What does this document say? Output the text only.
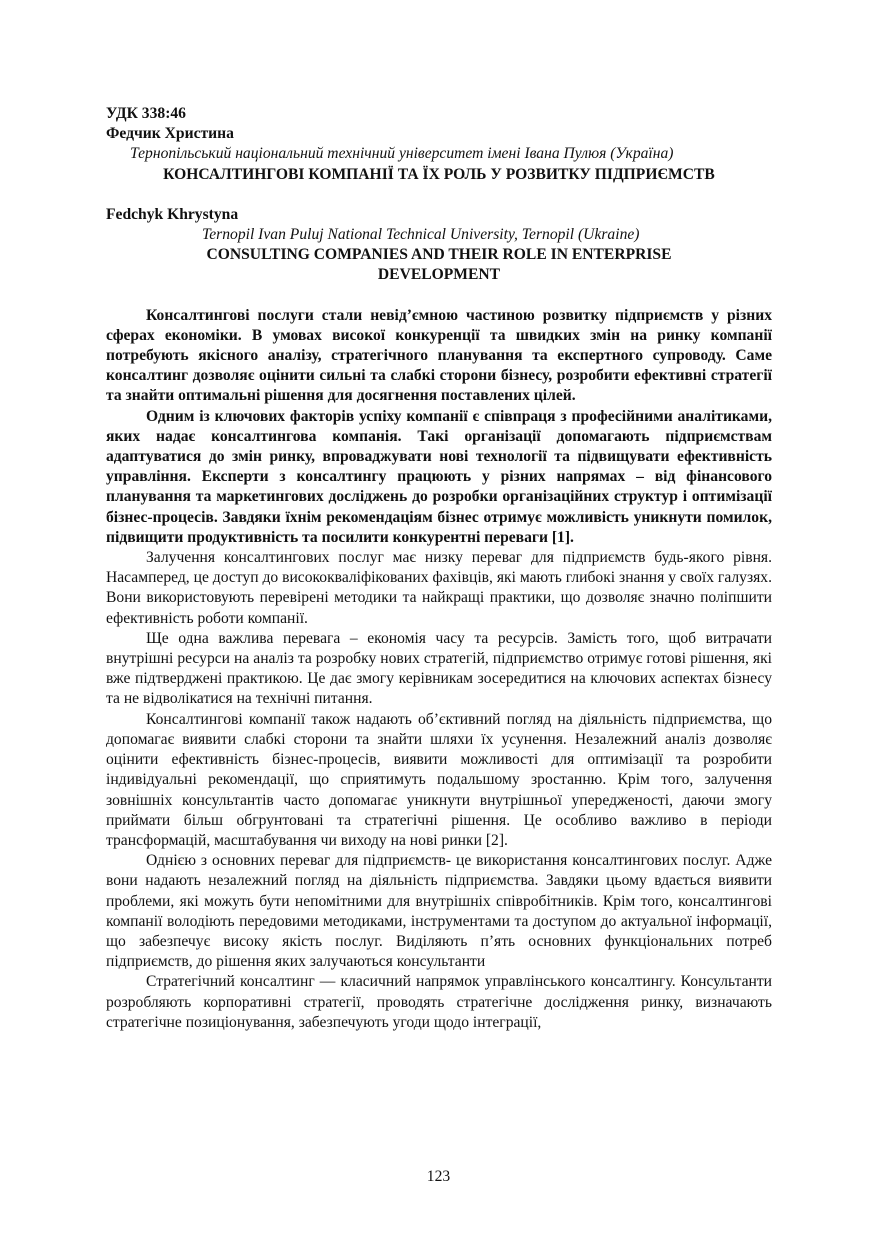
УДК 338:46
Федчик Христина
Тернопільський національний технічний університет імені Івана Пулюя (Україна)
КОНСАЛТИНГОВІ КОМПАНІЇ ТА ЇХ РОЛЬ У РОЗВИТКУ ПІДПРИЄМСТВ
Fedchyk Khrystyna
Ternopil Ivan Puluj National Technical University, Ternopil (Ukraine)
CONSULTING COMPANIES AND THEIR ROLE IN ENTERPRISE
DEVELOPMENT

Консалтингові послуги стали невід’ємною частиною розвитку підприємств у різних сферах економіки. В умовах високої конкуренції та швидких змін на ринку компанії потребують якісного аналізу, стратегічного планування та експертного супроводу. Саме консалтинг дозволяє оцінити сильні та слабкі сторони бізнесу, розробити ефективні стратегії та знайти оптимальні рішення для досягнення поставлених цілей.

Одним із ключових факторів успіху компанії є співпраця з професійними аналітиками, яких надає консалтингова компанія. Такі організації допомагають підприємствам адаптуватися до змін ринку, впроваджувати нові технології та підвищувати ефективність управління. Експерти з консалтингу працюють у різних напрямах – від фінансового планування та маркетингових досліджень до розробки організаційних структур і оптимізації бізнес-процесів. Завдяки їхнім рекомендаціям бізнес отримує можливість уникнути помилок, підвищити продуктивність та посилити конкурентні переваги [1].

Залучення консалтингових послуг має низку переваг для підприємств будь-якого рівня. Насамперед, це доступ до висококваліфікованих фахівців, які мають глибокі знання у своїх галузях. Вони використовують перевірені методики та найкращі практики, що дозволяє значно поліпшити ефективність роботи компанії.

Ще одна важлива перевага – економія часу та ресурсів. Замість того, щоб витрачати внутрішні ресурси на аналіз та розробку нових стратегій, підприємство отримує готові рішення, які вже підтверджені практикою. Це дає змогу керівникам зосередитися на ключових аспектах бізнесу та не відволікатися на технічні питання.

Консалтингові компанії також надають об’єктивний погляд на діяльність підприємства, що допомагає виявити слабкі сторони та знайти шляхи їх усунення. Незалежний аналіз дозволяє оцінити ефективність бізнес-процесів, виявити можливості для оптимізації та розробити індивідуальні рекомендації, що сприятимуть подальшому зростанню. Крім того, залучення зовнішніх консультантів часто допомагає уникнути внутрішньої упередженості, даючи змогу приймати більш обгрунтовані та стратегічні рішення. Це особливо важливо в періоди трансформацій, масштабування чи виходу на нові ринки [2].

Однією з основних переваг для підприємств- це використання консалтингових послуг. Адже вони надають незалежний погляд на діяльність підприємства. Завдяки цьому вдається виявити проблеми, які можуть бути непомітними для внутрішніх співробітників. Крім того, консалтингові компанії володіють передовими методиками, інструментами та доступом до актуальної інформації, що забезпечує високу якість послуг. Виділяють п’ять основних функціональних потреб підприємств, до рішення яких залучаються консультанти

Стратегічний консалтинг — класичний напрямок управлінського консалтингу. Консультанти розробляють корпоративні стратегії, проводять стратегічне дослідження ринку, визначають стратегічне позиціонування, забезпечують угоди щодо інтеграції,

123
